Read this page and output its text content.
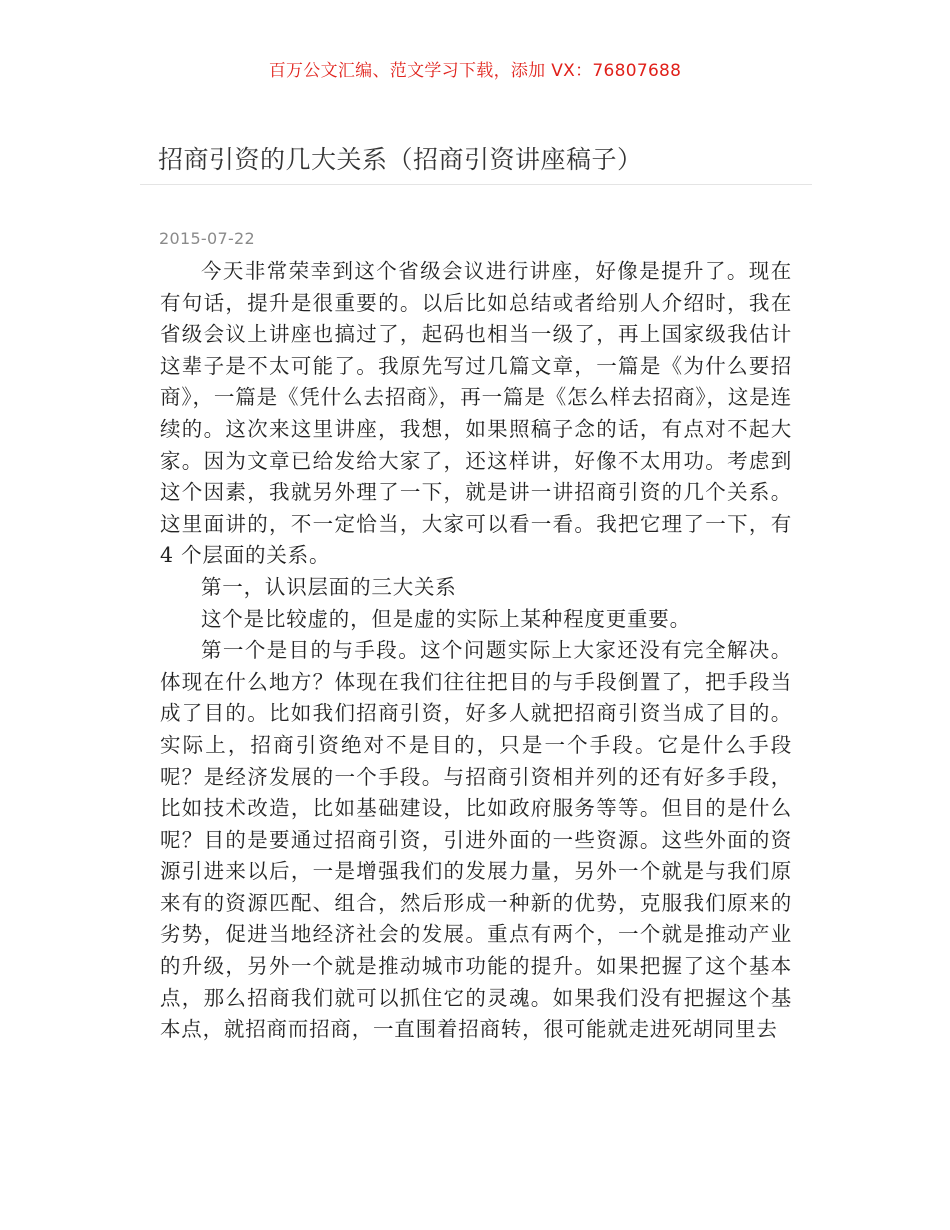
百万公文汇编、范文学习下载，添加 VX：76807688
招商引资的几大关系（招商引资讲座稿子）
2015-07-22

今天非常荣幸到这个省级会议进行讲座，好像是提升了。现在有句话，提升是很重要的。以后比如总结或者给别人介绍时，我在省级会议上讲座也搞过了，起码也相当一级了，再上国家级我估计这辈子是不太可能了。我原先写过几篇文章，一篇是《为什么要招商》，一篇是《凭什么去招商》，再一篇是《怎么样去招商》，这是连续的。这次来这里讲座，我想，如果照稿子念的话，有点对不起大家。因为文章已给发给大家了，还这样讲，好像不太用功。考虑到这个因素，我就另外理了一下，就是讲一讲招商引资的几个关系。这里面讲的，不一定恰当，大家可以看一看。我把它理了一下，有 4 个层面的关系。

第一，认识层面的三大关系

这个是比较虚的，但是虚的实际上某种程度更重要。

第一个是目的与手段。这个问题实际上大家还没有完全解决。体现在什么地方？体现在我们往往把目的与手段倒置了，把手段当成了目的。比如我们招商引资，好多人就把招商引资当成了目的。实际上，招商引资绝对不是目的，只是一个手段。它是什么手段呢？是经济发展的一个手段。与招商引资相并列的还有好多手段，比如技术改造，比如基础建设，比如政府服务等等。但目的是什么呢？目的是要通过招商引资，引进外面的一些资源。这些外面的资源引进来以后，一是增强我们的发展力量，另外一个就是与我们原来有的资源匹配、组合，然后形成一种新的优势，克服我们原来的劣势，促进当地经济社会的发展。重点有两个，一个就是推动产业的升级，另外一个就是推动城市功能的提升。如果把握了这个基本点，那么招商我们就可以抓住它的灵魂。如果我们没有把握这个基本点，就招商而招商，一直围着招商转，很可能就走进死胡同里去
